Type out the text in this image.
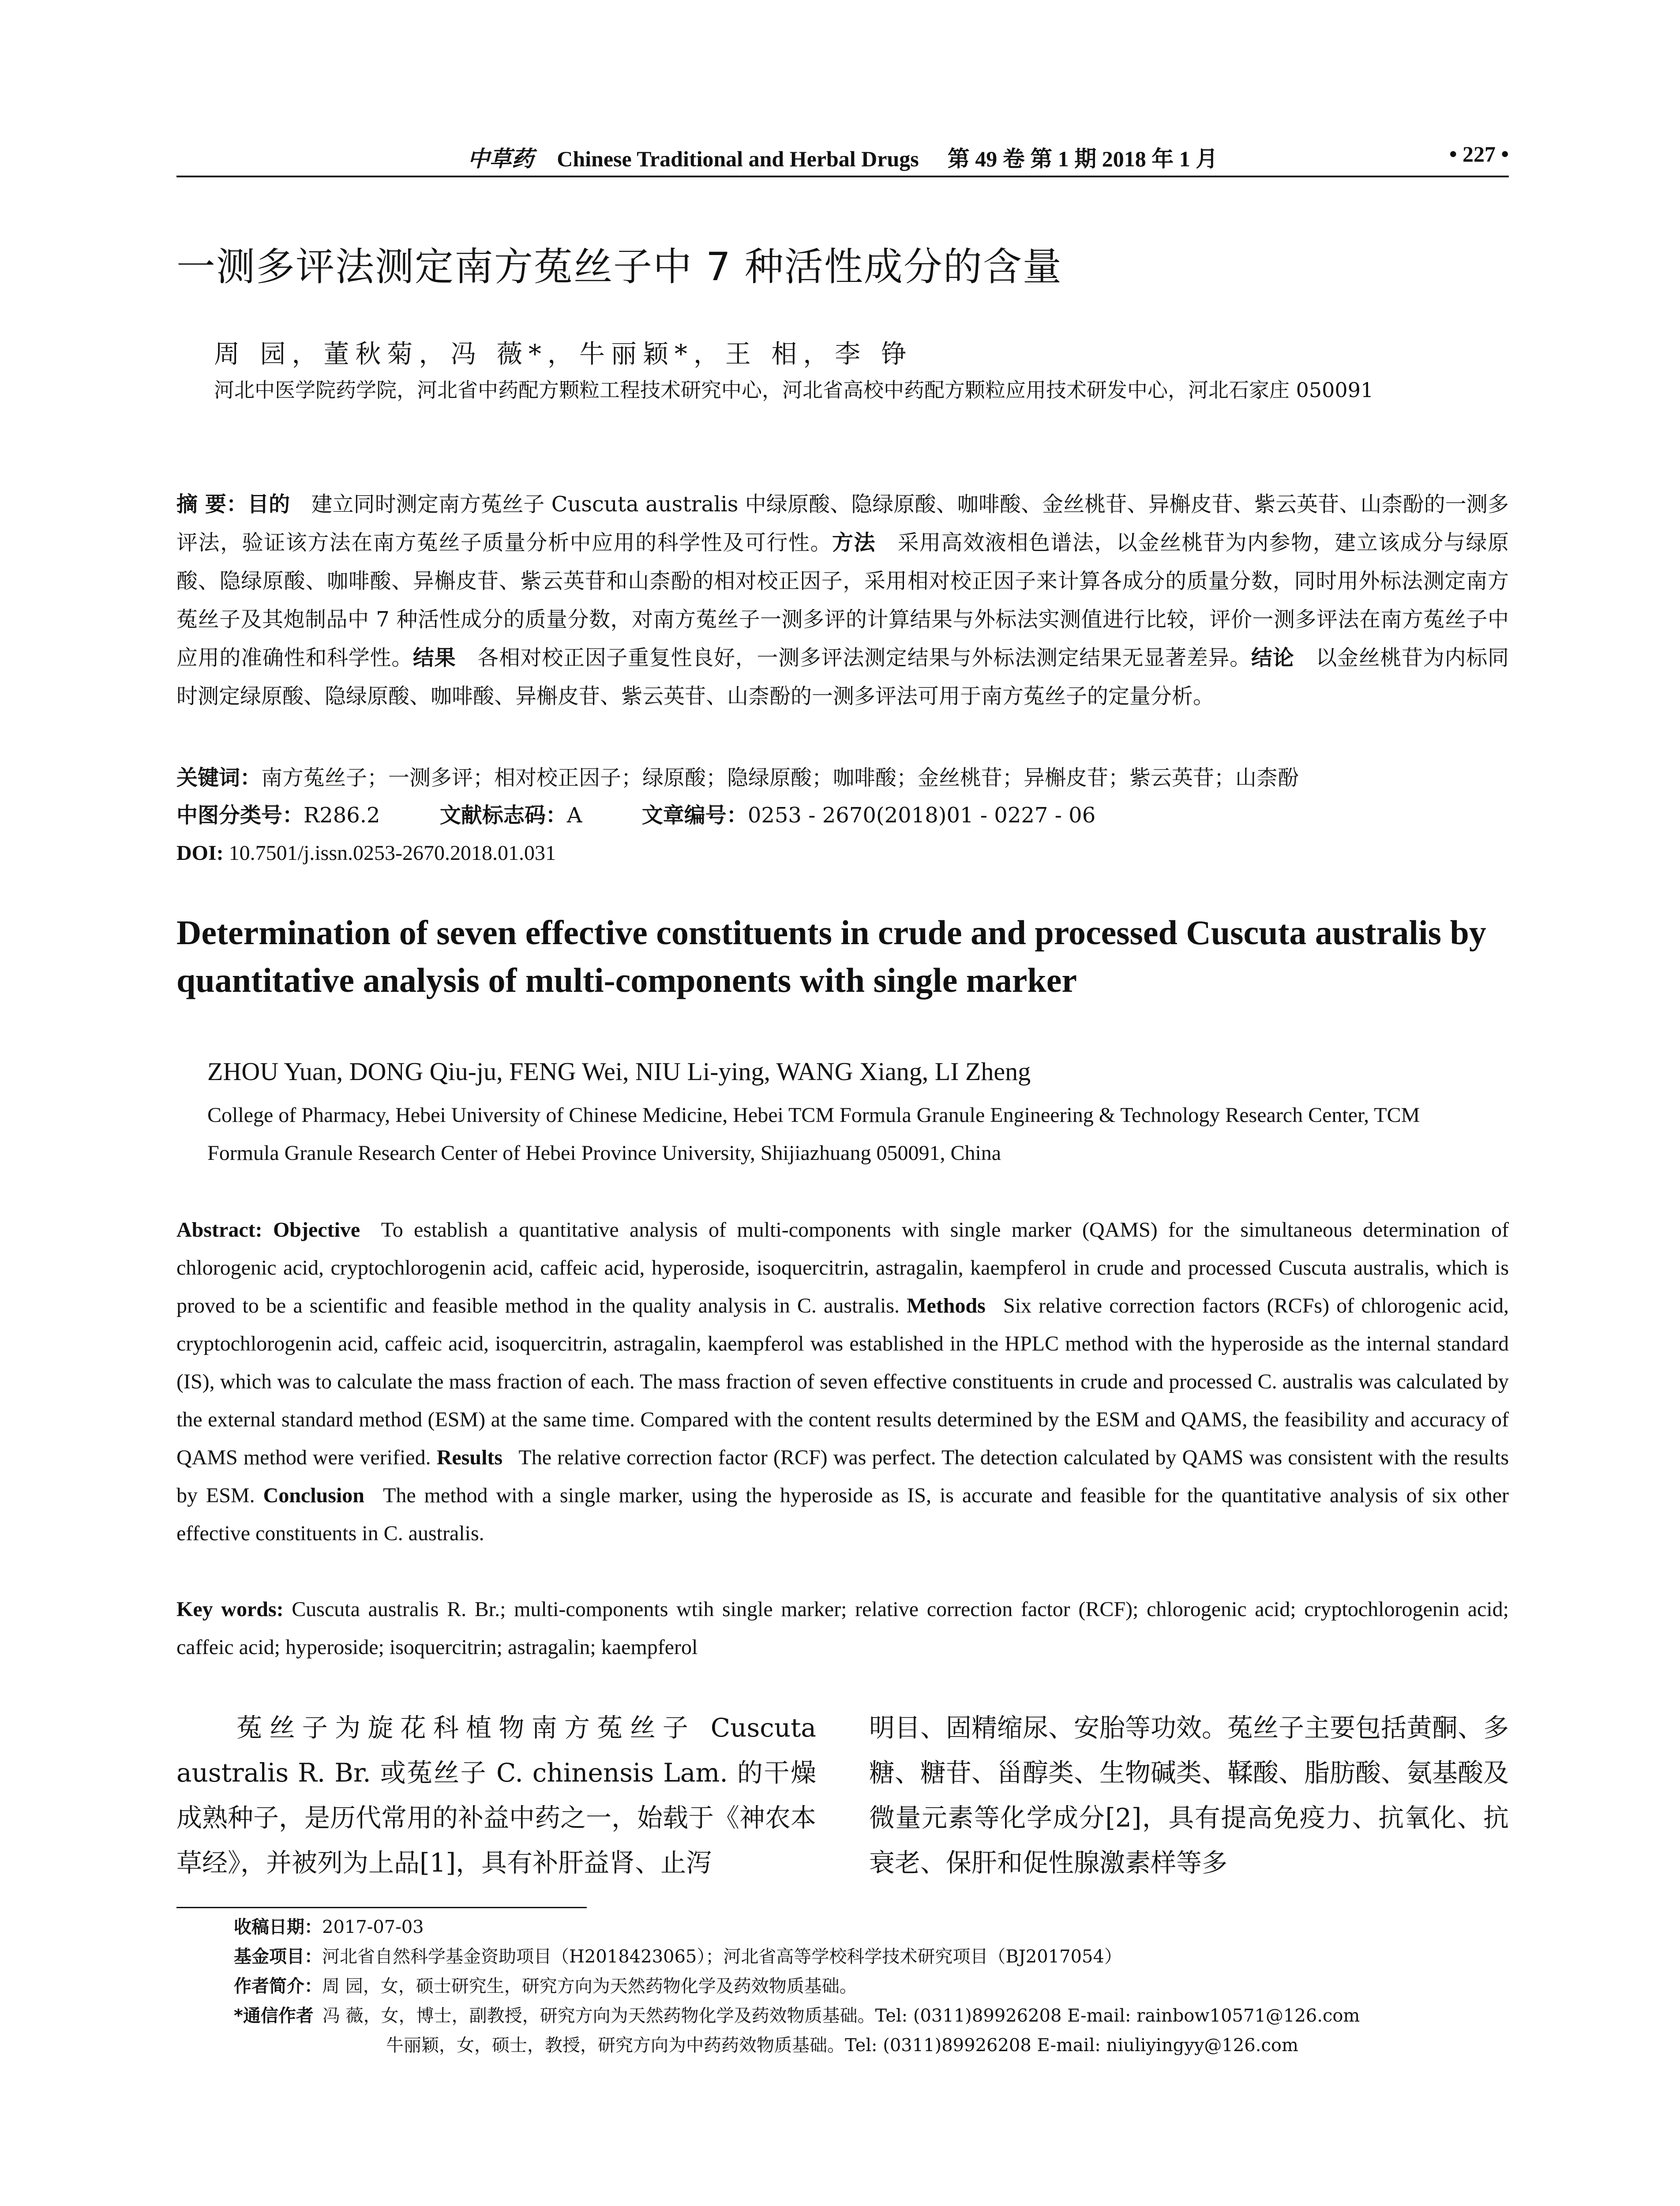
中草药 Chinese Traditional and Herbal Drugs 第 49 卷 第 1 期 2018 年 1 月	• 227 •
一测多评法测定南方菟丝子中 7 种活性成分的含量
周 园，董秋菊，冯 薇*，牛丽颖*，王 相，李 铮
河北中医学院药学院，河北省中药配方颗粒工程技术研究中心，河北省高校中药配方颗粒应用技术研发中心，河北石家庄 050091
摘 要：目的  建立同时测定南方菟丝子 Cuscuta australis 中绿原酸、隐绿原酸、咖啡酸、金丝桃苷、异槲皮苷、紫云英苷、山柰酚的一测多评法，验证该方法在南方菟丝子质量分析中应用的科学性及可行性。方法  采用高效液相色谱法，以金丝桃苷为内参物，建立该成分与绿原酸、隐绿原酸、咖啡酸、异槲皮苷、紫云英苷和山柰酚的相对校正因子，采用相对校正因子来计算各成分的质量分数，同时用外标法测定南方菟丝子及其炮制品中 7 种活性成分的质量分数，对南方菟丝子一测多评的计算结果与外标法实测值进行比较，评价一测多评法在南方菟丝子中应用的准确性和科学性。结果  各相对校正因子重复性良好，一测多评法测定结果与外标法测定结果无显著差异。结论  以金丝桃苷为内标同时测定绿原酸、隐绿原酸、咖啡酸、异槲皮苷、紫云英苷、山柰酚的一测多评法可用于南方菟丝子的定量分析。
关键词：南方菟丝子；一测多评；相对校正因子；绿原酸；隐绿原酸；咖啡酸；金丝桃苷；异槲皮苷；紫云英苷；山柰酚
中图分类号：R286.2	文献标志码：A	文章编号：0253 - 2670(2018)01 - 0227 - 06
DOI: 10.7501/j.issn.0253-2670.2018.01.031
Determination of seven effective constituents in crude and processed Cuscuta australis by quantitative analysis of multi-components with single marker
ZHOU Yuan, DONG Qiu-ju, FENG Wei, NIU Li-ying, WANG Xiang, LI Zheng
College of Pharmacy, Hebei University of Chinese Medicine, Hebei TCM Formula Granule Engineering & Technology Research Center, TCM Formula Granule Research Center of Hebei Province University, Shijiazhuang 050091, China
Abstract: Objective  To establish a quantitative analysis of multi-components with single marker (QAMS) for the simultaneous determination of chlorogenic acid, cryptochlorogenin acid, caffeic acid, hyperoside, isoquercitrin, astragalin, kaempferol in crude and processed Cuscuta australis, which is proved to be a scientific and feasible method in the quality analysis in C. australis. Methods  Six relative correction factors (RCFs) of chlorogenic acid, cryptochlorogenin acid, caffeic acid, isoquercitrin, astragalin, kaempferol was established in the HPLC method with the hyperoside as the internal standard (IS), which was to calculate the mass fraction of each. The mass fraction of seven effective constituents in crude and processed C. australis was calculated by the external standard method (ESM) at the same time. Compared with the content results determined by the ESM and QAMS, the feasibility and accuracy of QAMS method were verified. Results  The relative correction factor (RCF) was perfect. The detection calculated by QAMS was consistent with the results by ESM. Conclusion  The method with a single marker, using the hyperoside as IS, is accurate and feasible for the quantitative analysis of six other effective constituents in C. australis.
Key words: Cuscuta australis R. Br.; multi-components wtih single marker; relative correction factor (RCF); chlorogenic acid; cryptochlorogenin acid; caffeic acid; hyperoside; isoquercitrin; astragalin; kaempferol
菟丝子为旋花科植物南方菟丝子 Cuscuta australis R. Br. 或菟丝子 C. chinensis Lam. 的干燥成熟种子，是历代常用的补益中药之一，始载于《神农本草经》，并被列为上品[1]，具有补肝益肾、止泻
明目、固精缩尿、安胎等功效。菟丝子主要包括黄酮、多糖、糖苷、甾醇类、生物碱类、鞣酸、脂肪酸、氨基酸及微量元素等化学成分[2]，具有提高免疫力、抗氧化、抗衰老、保肝和促性腺激素样等多
收稿日期：2017-07-03
基金项目：河北省自然科学基金资助项目（H2018423065）；河北省高等学校科学技术研究项目（BJ2017054）
作者简介：周 园，女，硕士研究生，研究方向为天然药物化学及药效物质基础。
*通信作者  冯 薇，女，博士，副教授，研究方向为天然药物化学及药效物质基础。Tel: (0311)89926208 E-mail: rainbow10571@126.com
牛丽颖，女，硕士，教授，研究方向为中药药效物质基础。Tel: (0311)89926208 E-mail: niuliyingyy@126.com
